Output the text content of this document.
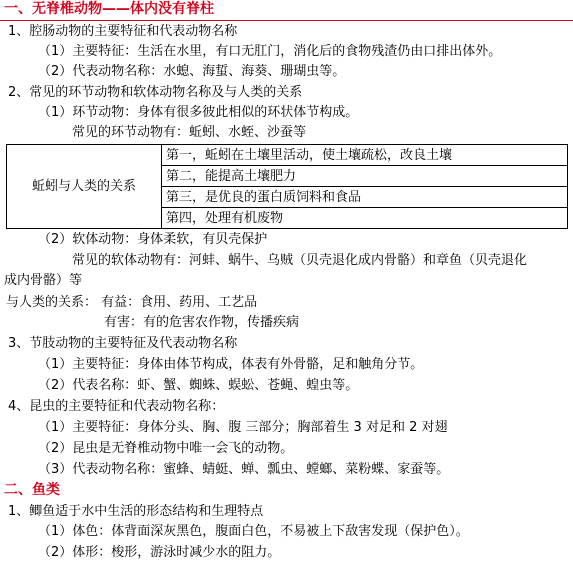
一、无脊椎动物——体内没有脊柱
1、腔肠动物的主要特征和代表动物名称
（1）主要特征：生活在水里，有口无肛门，消化后的食物残渣仍由口排出体外。
（2）代表动物名称：水螅、海蜇、海葵、珊瑚虫等。
2、常见的环节动物和软体动物名称及与人类的关系
（1）环节动物：身体有很多彼此相似的环状体节构成。
常见的环节动物有：蚯蚓、水蛭、沙蚕等
蚯蚓与人类的关系	第一，蚯蚓在土壤里活动，使土壤疏松，改良土壤
第二，能提高土壤肥力
第三，是优良的蛋白质饲料和食品
第四，处理有机废物
（2）软体动物：身体柔软，有贝壳保护
常见的软体动物有：河蚌、蜗牛、乌贼（贝壳退化成内骨骼）和章鱼（贝壳退化
成内骨骼）等
与人类的关系： 有益：食用、药用、工艺品
有害：有的危害农作物，传播疾病
3、节肢动物的主要特征及代表动物名称
（1）主要特征：身体由体节构成，体表有外骨骼，足和触角分节。
（2）代表名称：虾、蟹、蜘蛛、蜈蚣、苍蝇、蝗虫等。
4、昆虫的主要特征和代表动物名称：
（1）主要特征：身体分头、胸、腹 三部分；胸部着生 3 对足和 2 对翅
（2）昆虫是无脊椎动物中唯一会飞的动物。
（3）代表动物名称：蜜蜂、蜻蜓、蝉、瓢虫、螳螂、菜粉蝶、家蚕等。
二、鱼类
1、鲫鱼适于水中生活的形态结构和生理特点
（1）体色：体背面深灰黑色，腹面白色，不易被上下敌害发现（保护色）。
（2）体形：梭形，游泳时减少水的阻力。
